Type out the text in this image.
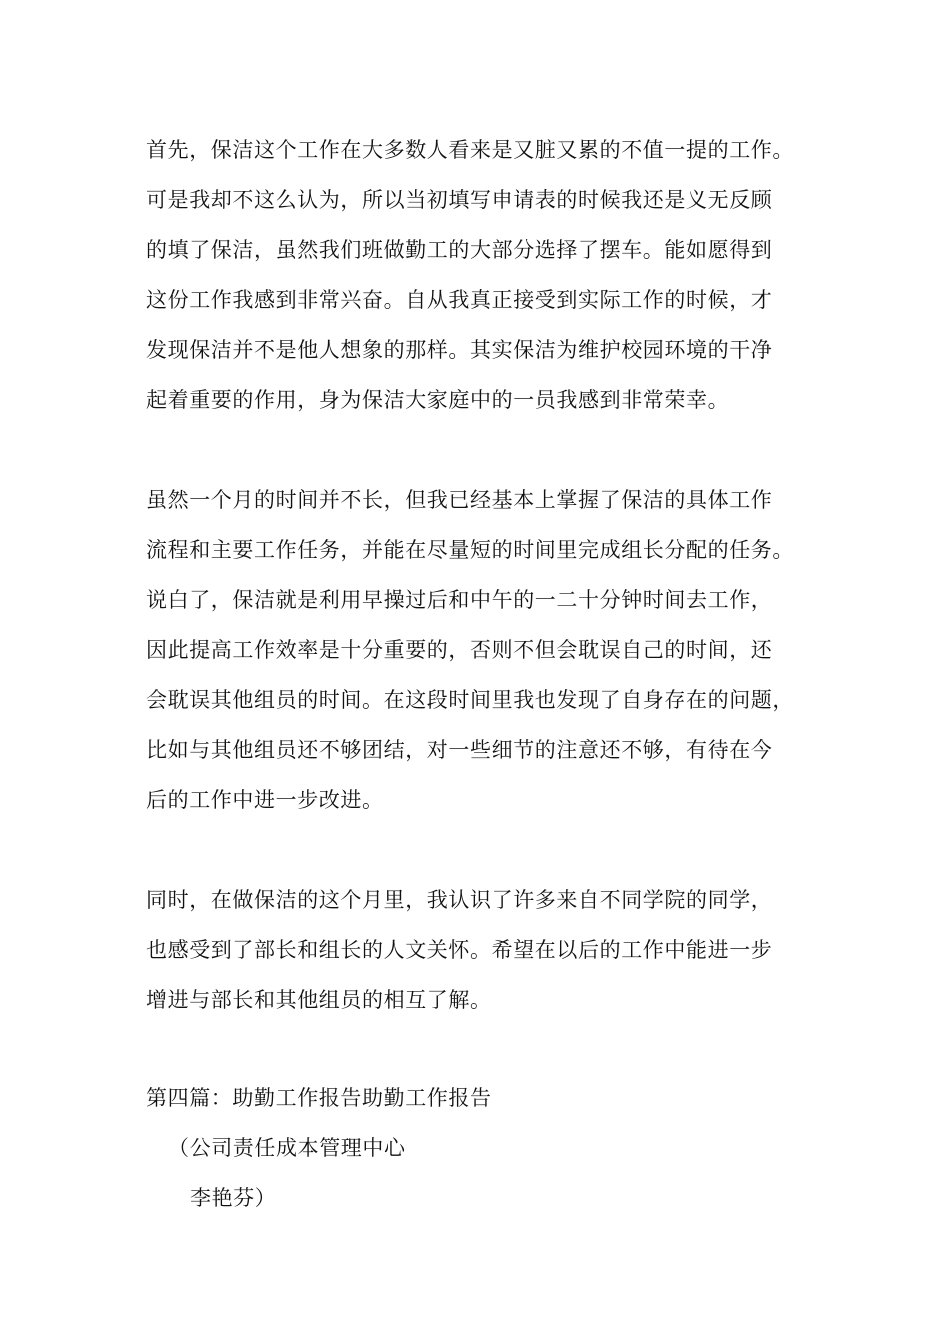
首先，保洁这个工作在大多数人看来是又脏又累的不值一提的工作。
可是我却不这么认为，所以当初填写申请表的时候我还是义无反顾
的填了保洁，虽然我们班做勤工的大部分选择了摆车。能如愿得到
这份工作我感到非常兴奋。自从我真正接受到实际工作的时候，才
发现保洁并不是他人想象的那样。其实保洁为维护校园环境的干净
起着重要的作用，身为保洁大家庭中的一员我感到非常荣幸。
虽然一个月的时间并不长，但我已经基本上掌握了保洁的具体工作
流程和主要工作任务，并能在尽量短的时间里完成组长分配的任务。
说白了，保洁就是利用早操过后和中午的一二十分钟时间去工作，
因此提高工作效率是十分重要的，否则不但会耽误自己的时间，还
会耽误其他组员的时间。在这段时间里我也发现了自身存在的问题，
比如与其他组员还不够团结，对一些细节的注意还不够，有待在今
后的工作中进一步改进。
同时，在做保洁的这个月里，我认识了许多来自不同学院的同学，
也感受到了部长和组长的人文关怀。希望在以后的工作中能进一步
增进与部长和其他组员的相互了解。
第四篇：助勤工作报告助勤工作报告
（公司责任成本管理中心
李艳芬）
